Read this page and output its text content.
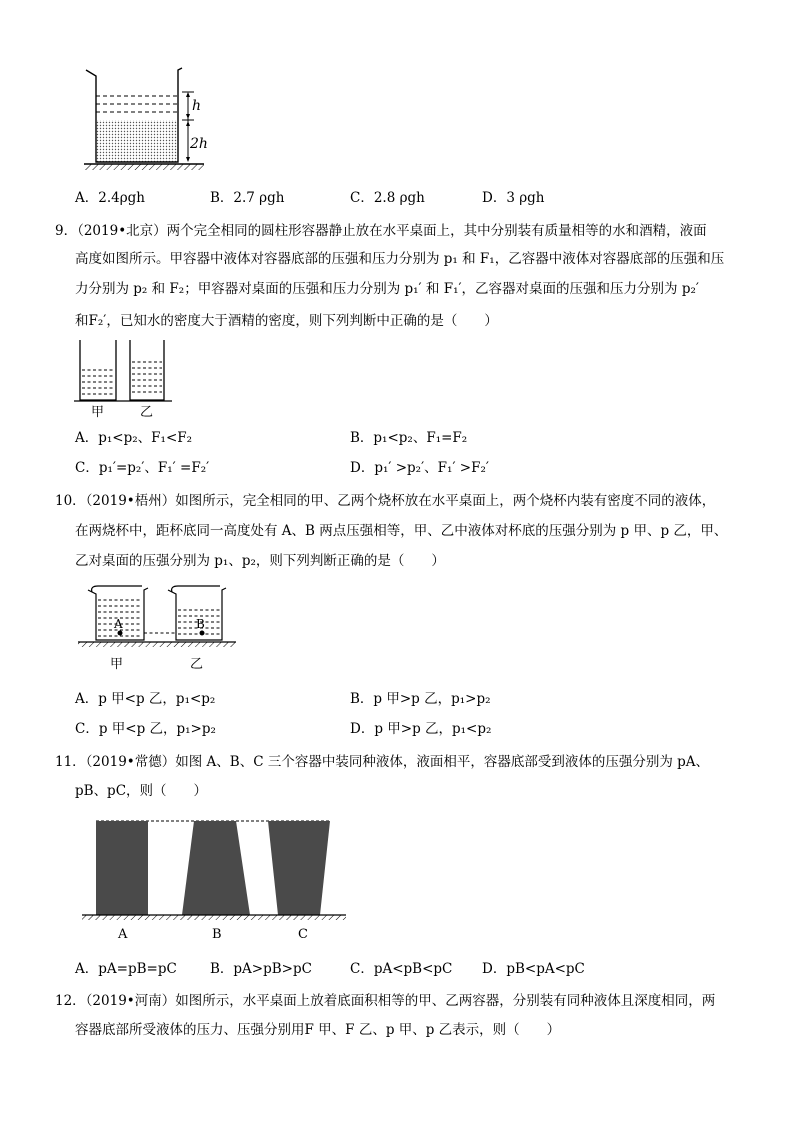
h
2h
A．2.4ρgh	B．2.7 ρgh	C．2.8 ρgh	D．3 ρgh
9．（2019•北京）两个完全相同的圆柱形容器静止放在水平桌面上，其中分别装有质量相等的水和酒精，液面
高度如图所示。甲容器中液体对容器底部的压强和压力分别为 p₁ 和 F₁，乙容器中液体对容器底部的压强和压
力分别为 p₂ 和 F₂；甲容器对桌面的压强和压力分别为 p₁′ 和 F₁′，乙容器对桌面的压强和压力分别为 p₂′
和F₂′，已知水的密度大于酒精的密度，则下列判断中正确的是（　　）
甲	乙
A．p₁<p₂、F₁<F₂	B．p₁<p₂、F₁=F₂
C．p₁′=p₂′、F₁′ =F₂′	D．p₁′ >p₂′、F₁′ >F₂′
10．（2019•梧州）如图所示，完全相同的甲、乙两个烧杯放在水平桌面上，两个烧杯内装有密度不同的液体，
在两烧杯中，距杯底同一高度处有 A、B 两点压强相等，甲、乙中液体对杯底的压强分别为 p 甲、p 乙，甲、
乙对桌面的压强分别为 p₁、p₂，则下列判断正确的是（　　）
A	B
甲	乙
A．p 甲<p 乙，p₁<p₂	B．p 甲>p 乙，p₁>p₂
C．p 甲<p 乙，p₁>p₂	D．p 甲>p 乙，p₁<p₂
11．（2019•常德）如图 A、B、C 三个容器中装同种液体，液面相平，容器底部受到液体的压强分别为 pA、
pB、pC，则（　　）
A	B	C
A．pA=pB=pC B．pA>pB>pC	C．pA<pB<pC D．pB<pA<pC
12．（2019•河南）如图所示，水平桌面上放着底面积相等的甲、乙两容器，分别装有同种液体且深度相同，两
容器底部所受液体的压力、压强分别用F 甲、F 乙、p 甲、p 乙表示，则（　　）
